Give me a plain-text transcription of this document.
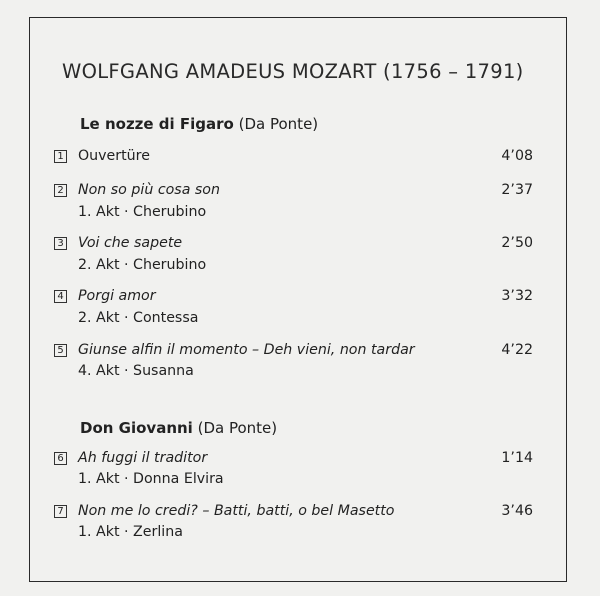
WOLFGANG AMADEUS MOZART (1756 – 1791)
Le nozze di Figaro (Da Ponte)
1 Ouvertüre	4’08
2 Non so più cosa son	2’37
1. Akt · Cherubino
3 Voi che sapete	2’50
2. Akt · Cherubino
4 Porgi amor	3’32
2. Akt · Contessa
5 Giunse alfin il momento – Deh vieni, non tardar	4’22
4. Akt · Susanna
Don Giovanni (Da Ponte)
6 Ah fuggi il traditor	1’14
1. Akt · Donna Elvira
7 Non me lo credi? – Batti, batti, o bel Masetto	3’46
1. Akt · Zerlina
